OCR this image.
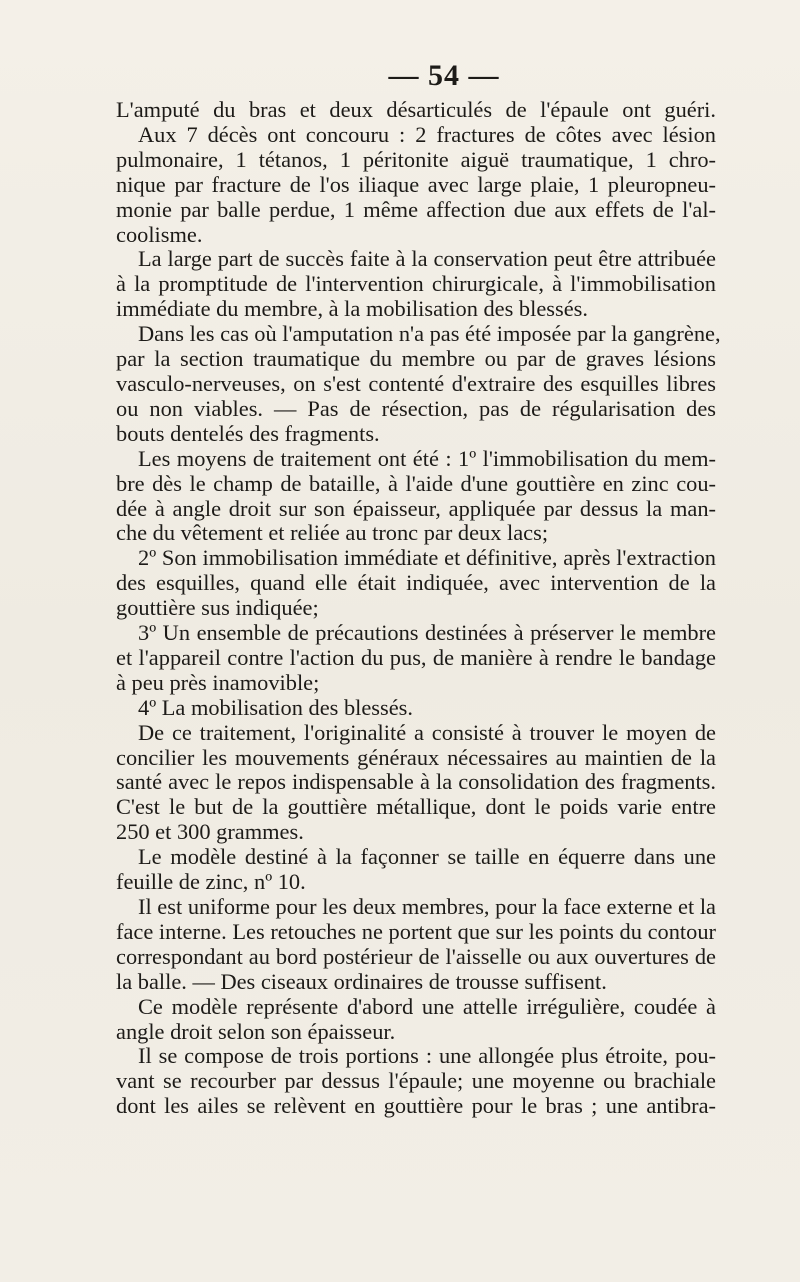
— 54 —
L'amputé du bras et deux désarticulés de l'épaule ont guéri.
Aux 7 décès ont concouru : 2 fractures de côtes avec lésion
pulmonaire, 1 tétanos, 1 péritonite aiguë traumatique, 1 chro-
nique par fracture de l'os iliaque avec large plaie, 1 pleuropneu-
monie par balle perdue, 1 même affection due aux effets de l'al-
coolisme.
La large part de succès faite à la conservation peut être attribuée
à la promptitude de l'intervention chirurgicale, à l'immobilisation
immédiate du membre, à la mobilisation des blessés.
Dans les cas où l'amputation n'a pas été imposée par la gangrène,
par la section traumatique du membre ou par de graves lésions
vasculo-nerveuses, on s'est contenté d'extraire des esquilles libres
ou non viables. — Pas de résection, pas de régularisation des
bouts dentelés des fragments.
Les moyens de traitement ont été : 1º l'immobilisation du mem-
bre dès le champ de bataille, à l'aide d'une gouttière en zinc cou-
dée à angle droit sur son épaisseur, appliquée par dessus la man-
che du vêtement et reliée au tronc par deux lacs;
2º Son immobilisation immédiate et définitive, après l'extraction
des esquilles, quand elle était indiquée, avec intervention de la
gouttière sus indiquée;
3º Un ensemble de précautions destinées à préserver le membre
et l'appareil contre l'action du pus, de manière à rendre le bandage
à peu près inamovible;
4º La mobilisation des blessés.
De ce traitement, l'originalité a consisté à trouver le moyen de
concilier les mouvements généraux nécessaires au maintien de la
santé avec le repos indispensable à la consolidation des fragments.
C'est le but de la gouttière métallique, dont le poids varie entre
250 et 300 grammes.
Le modèle destiné à la façonner se taille en équerre dans une
feuille de zinc, nº 10.
Il est uniforme pour les deux membres, pour la face externe et la
face interne. Les retouches ne portent que sur les points du contour
correspondant au bord postérieur de l'aisselle ou aux ouvertures de
la balle. — Des ciseaux ordinaires de trousse suffisent.
Ce modèle représente d'abord une attelle irrégulière, coudée à
angle droit selon son épaisseur.
Il se compose de trois portions : une allongée plus étroite, pou-
vant se recourber par dessus l'épaule; une moyenne ou brachiale
dont les ailes se relèvent en gouttière pour le bras ; une antibra-
